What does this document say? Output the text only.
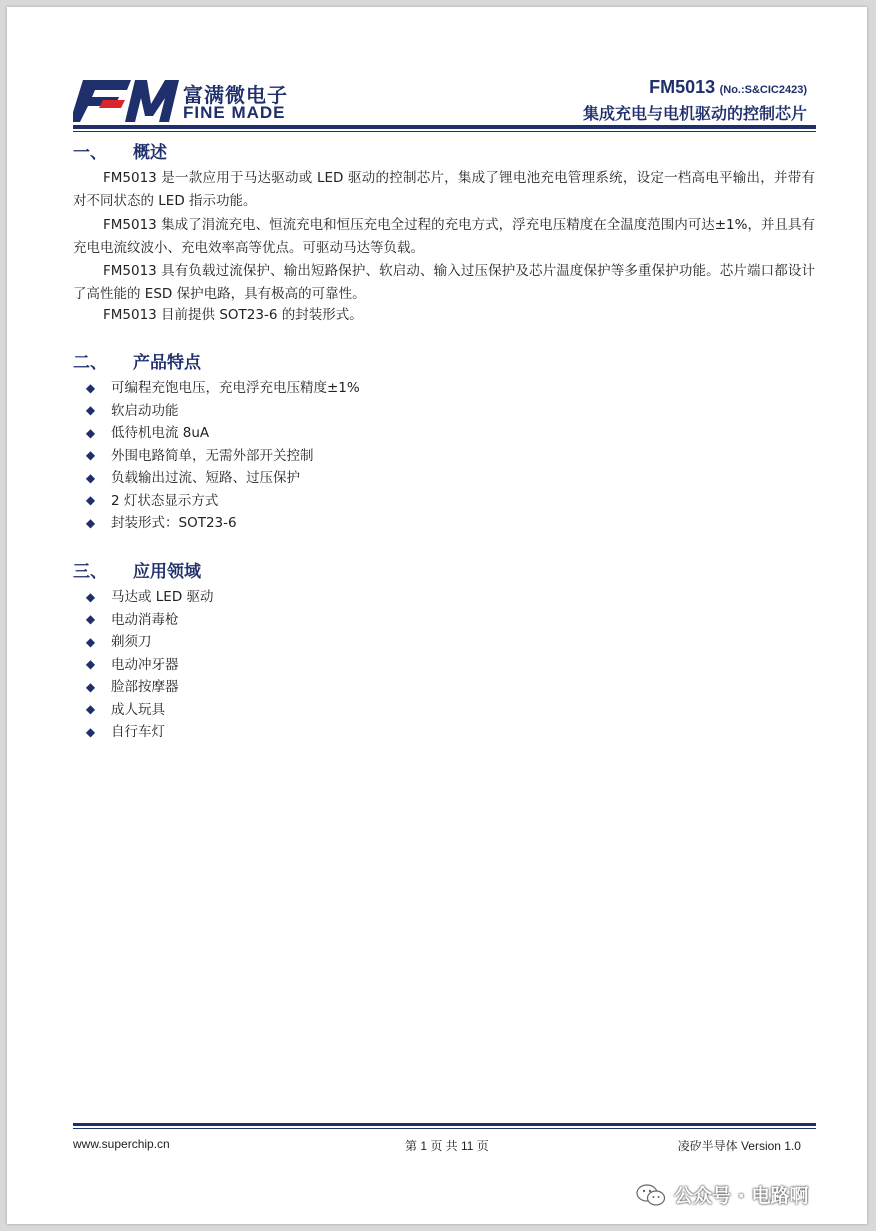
富满微电子
FINE MADE
FM5013 (No.:S&CIC2423)
集成充电与电机驱动的控制芯片
一、 概述

FM5013 是一款应用于马达驱动或 LED 驱动的控制芯片，集成了锂电池充电管理系统，设定一档高电平输出，并带有对不同状态的 LED 指示功能。

FM5013 集成了涓流充电、恒流充电和恒压充电全过程的充电方式，浮充电压精度在全温度范围内可达±1%，并且具有充电电流纹波小、充电效率高等优点。可驱动马达等负载。

FM5013 具有负载过流保护、输出短路保护、软启动、输入过压保护及芯片温度保护等多重保护功能。芯片端口都设计了高性能的 ESD 保护电路，具有极高的可靠性。

FM5013 目前提供 SOT23-6 的封装形式。

二、 产品特点
◆ 可编程充饱电压，充电浮充电压精度±1%
◆ 软启动功能
◆ 低待机电流 8uA
◆ 外围电路简单，无需外部开关控制
◆ 负载输出过流、短路、过压保护
◆ 2 灯状态显示方式
◆ 封装形式：SOT23-6
三、 应用领域
◆ 马达或 LED 驱动
◆ 电动消毒枪
◆ 剃须刀
◆ 电动冲牙器
◆ 脸部按摩器
◆ 成人玩具
◆ 自行车灯
www.superchip.cn	第 1 页 共 11 页	凌矽半导体 Version 1.0
公众号 · 电路啊
